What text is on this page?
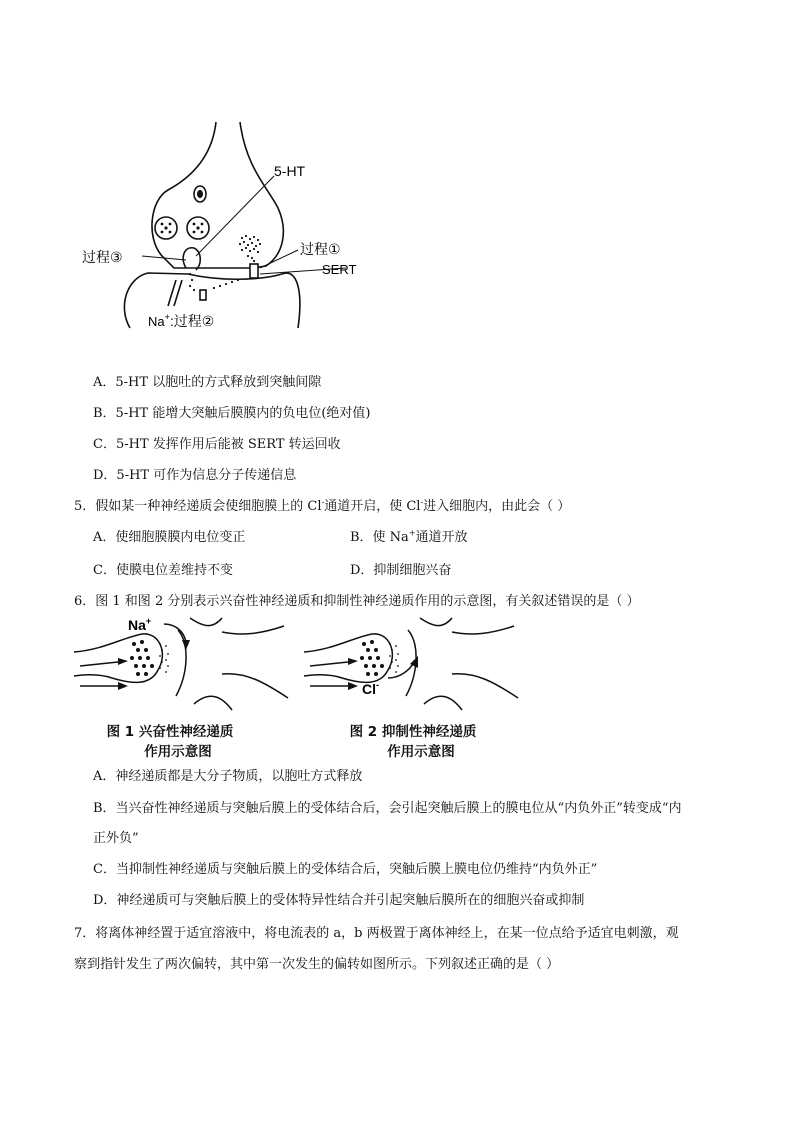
5-HT
过程①
过程③
SERT
Na+:过程②
A．5-HT 以胞吐的方式释放到突触间隙
B．5-HT 能增大突触后膜膜内的负电位(绝对值)
C．5-HT 发挥作用后能被 SERT 转运回收
D．5-HT 可作为信息分子传递信息
5．假如某一种神经递质会使细胞膜上的 Cl-通道开启，使 Cl-进入细胞内，由此会（ ）
A．使细胞膜膜内电位变正	B．使 Na+通道开放
C．使膜电位差维持不变	D．抑制细胞兴奋
6．图 1 和图 2 分别表示兴奋性神经递质和抑制性神经递质作用的示意图，有关叙述错误的是（ ）
Na+
Cl-
图 1 兴奋性神经递质
作用示意图
图 2 抑制性神经递质
作用示意图
A．神经递质都是大分子物质，以胞吐方式释放
B．当兴奋性神经递质与突触后膜上的受体结合后，会引起突触后膜上的膜电位从“内负外正”转变成“内
正外负”
C．当抑制性神经递质与突触后膜上的受体结合后，突触后膜上膜电位仍维持“内负外正”
D．神经递质可与突触后膜上的受体特异性结合并引起突触后膜所在的细胞兴奋或抑制
7．将离体神经置于适宜溶液中，将电流表的 a，b 两极置于离体神经上，在某一位点给予适宜电刺激，观
察到指针发生了两次偏转，其中第一次发生的偏转如图所示。下列叙述正确的是（ ）
